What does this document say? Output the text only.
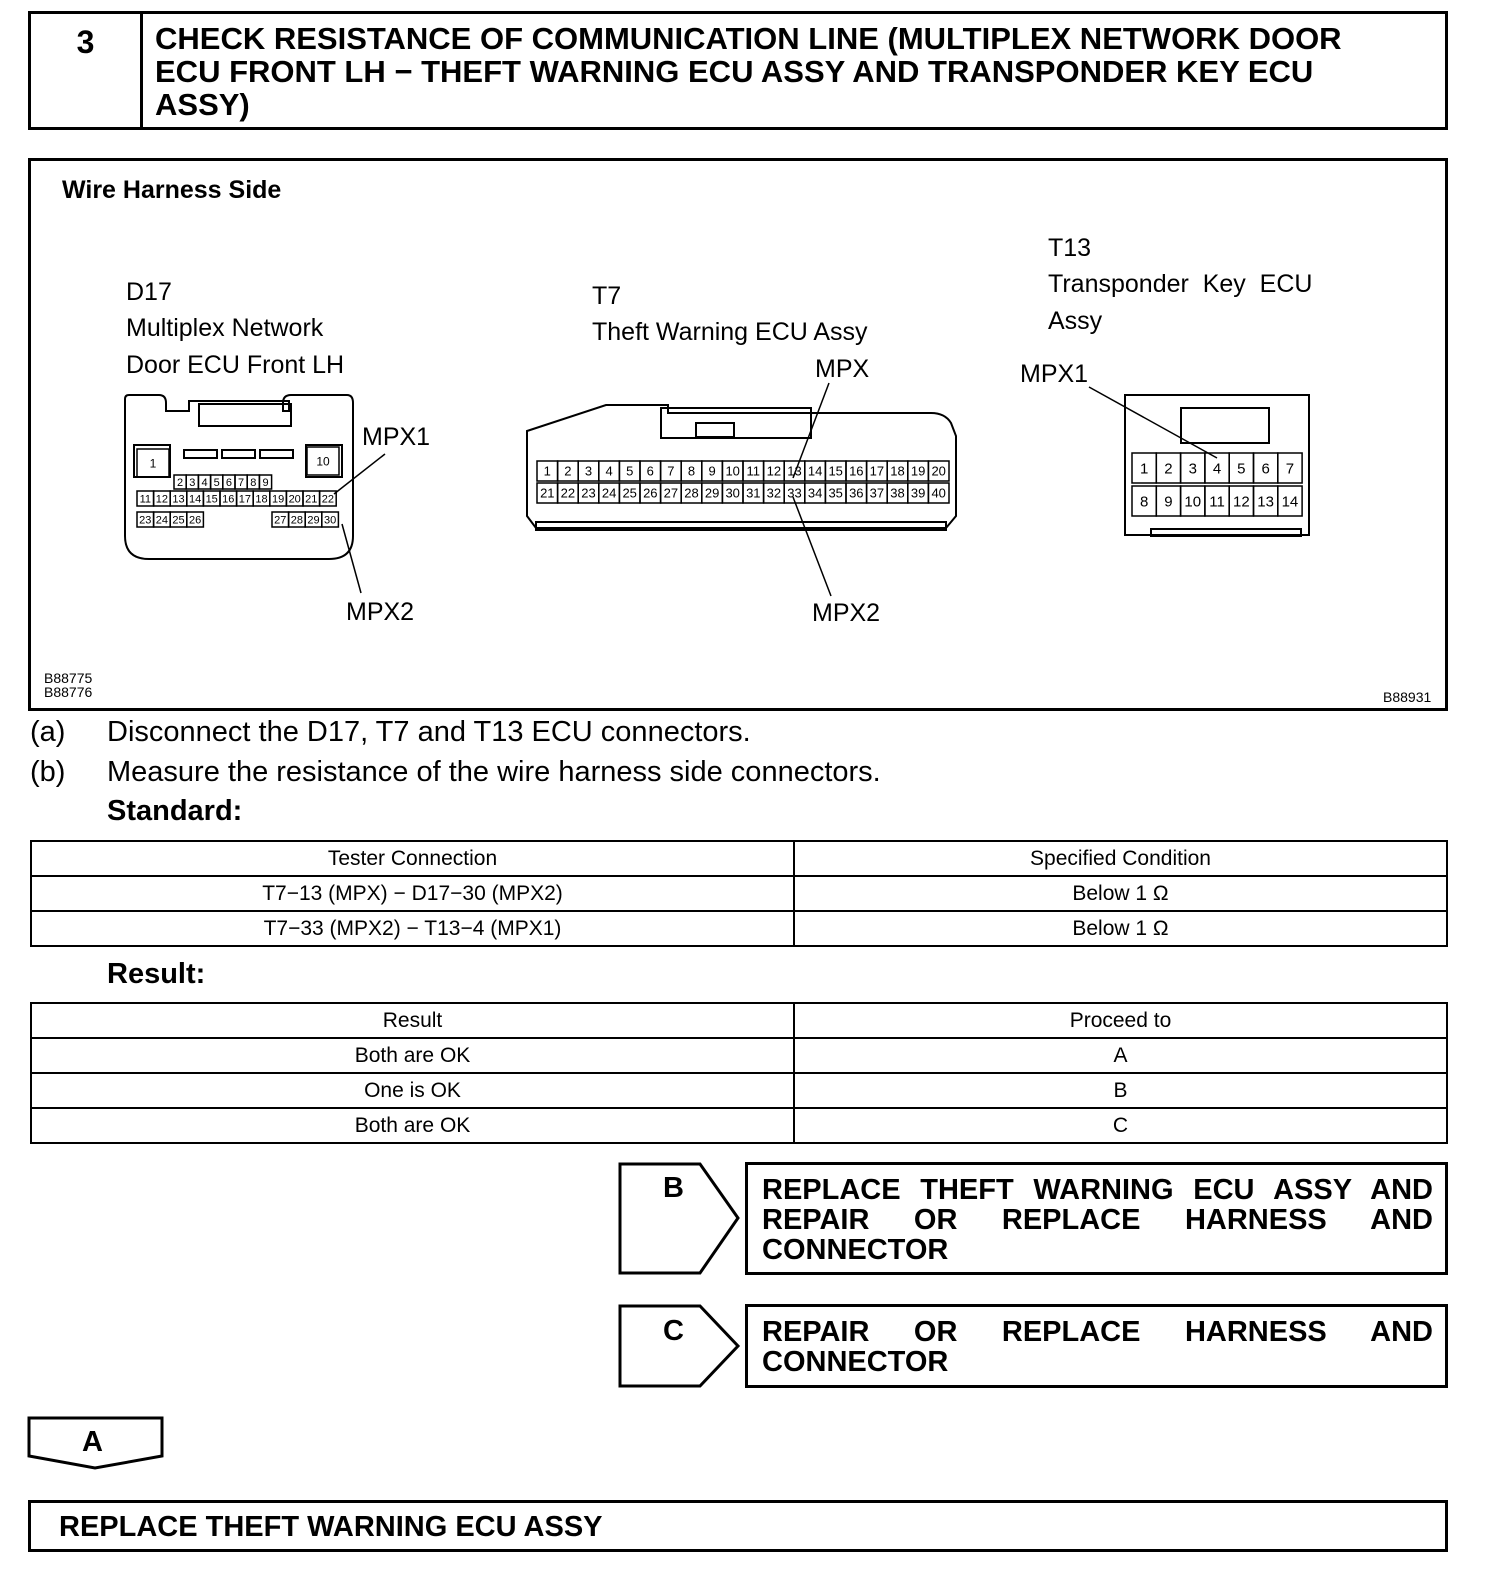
3	CHECK RESISTANCE OF COMMUNICATION LINE (MULTIPLEX NETWORK DOOR
ECU FRONT LH − THEFT WARNING ECU ASSY AND TRANSPONDER KEY ECU
ASSY)
Wire Harness Side
D17
Multiplex Network
Door ECU Front LH
T7
Theft Warning ECU Assy
T13
Transponder  Key  ECU
Assy
MPX1
MPX2
MPX
MPX2
MPX1
B88775
B88776	B88931
1	10
2 3 4 5 6 7 8 9
11 12 13 14 15 16 17 18 19 20 21 22
23 24 25 26	27 28 29 30
1 2 3 4 5 6 7 8 9 10 11 12 13 14 15 16 17 18 19 20
21 22 23 24 25 26 27 28 29 30 31 32 33 34 35 36 37 38 39 40
1 2 3 4 5 6 7
8 9 10 11 12 13 14
(a) Disconnect the D17, T7 and T13 ECU connectors.
(b) Measure the resistance of the wire harness side connectors.
Standard:
Tester Connection	Specified Condition
T7−13 (MPX) − D17−30 (MPX2)	Below 1 Ω
T7−33 (MPX2) − T13−4 (MPX1)	Below 1 Ω
Result:
Result	Proceed to
Both are OK	A
One is OK	B
Both are OK	C
B	REPLACE  THEFT  WARNING  ECU  ASSY  AND
REPAIR  OR  REPLACE  HARNESS  AND
CONNECTOR
C	REPAIR  OR  REPLACE  HARNESS  AND
CONNECTOR
A
REPLACE THEFT WARNING ECU ASSY
